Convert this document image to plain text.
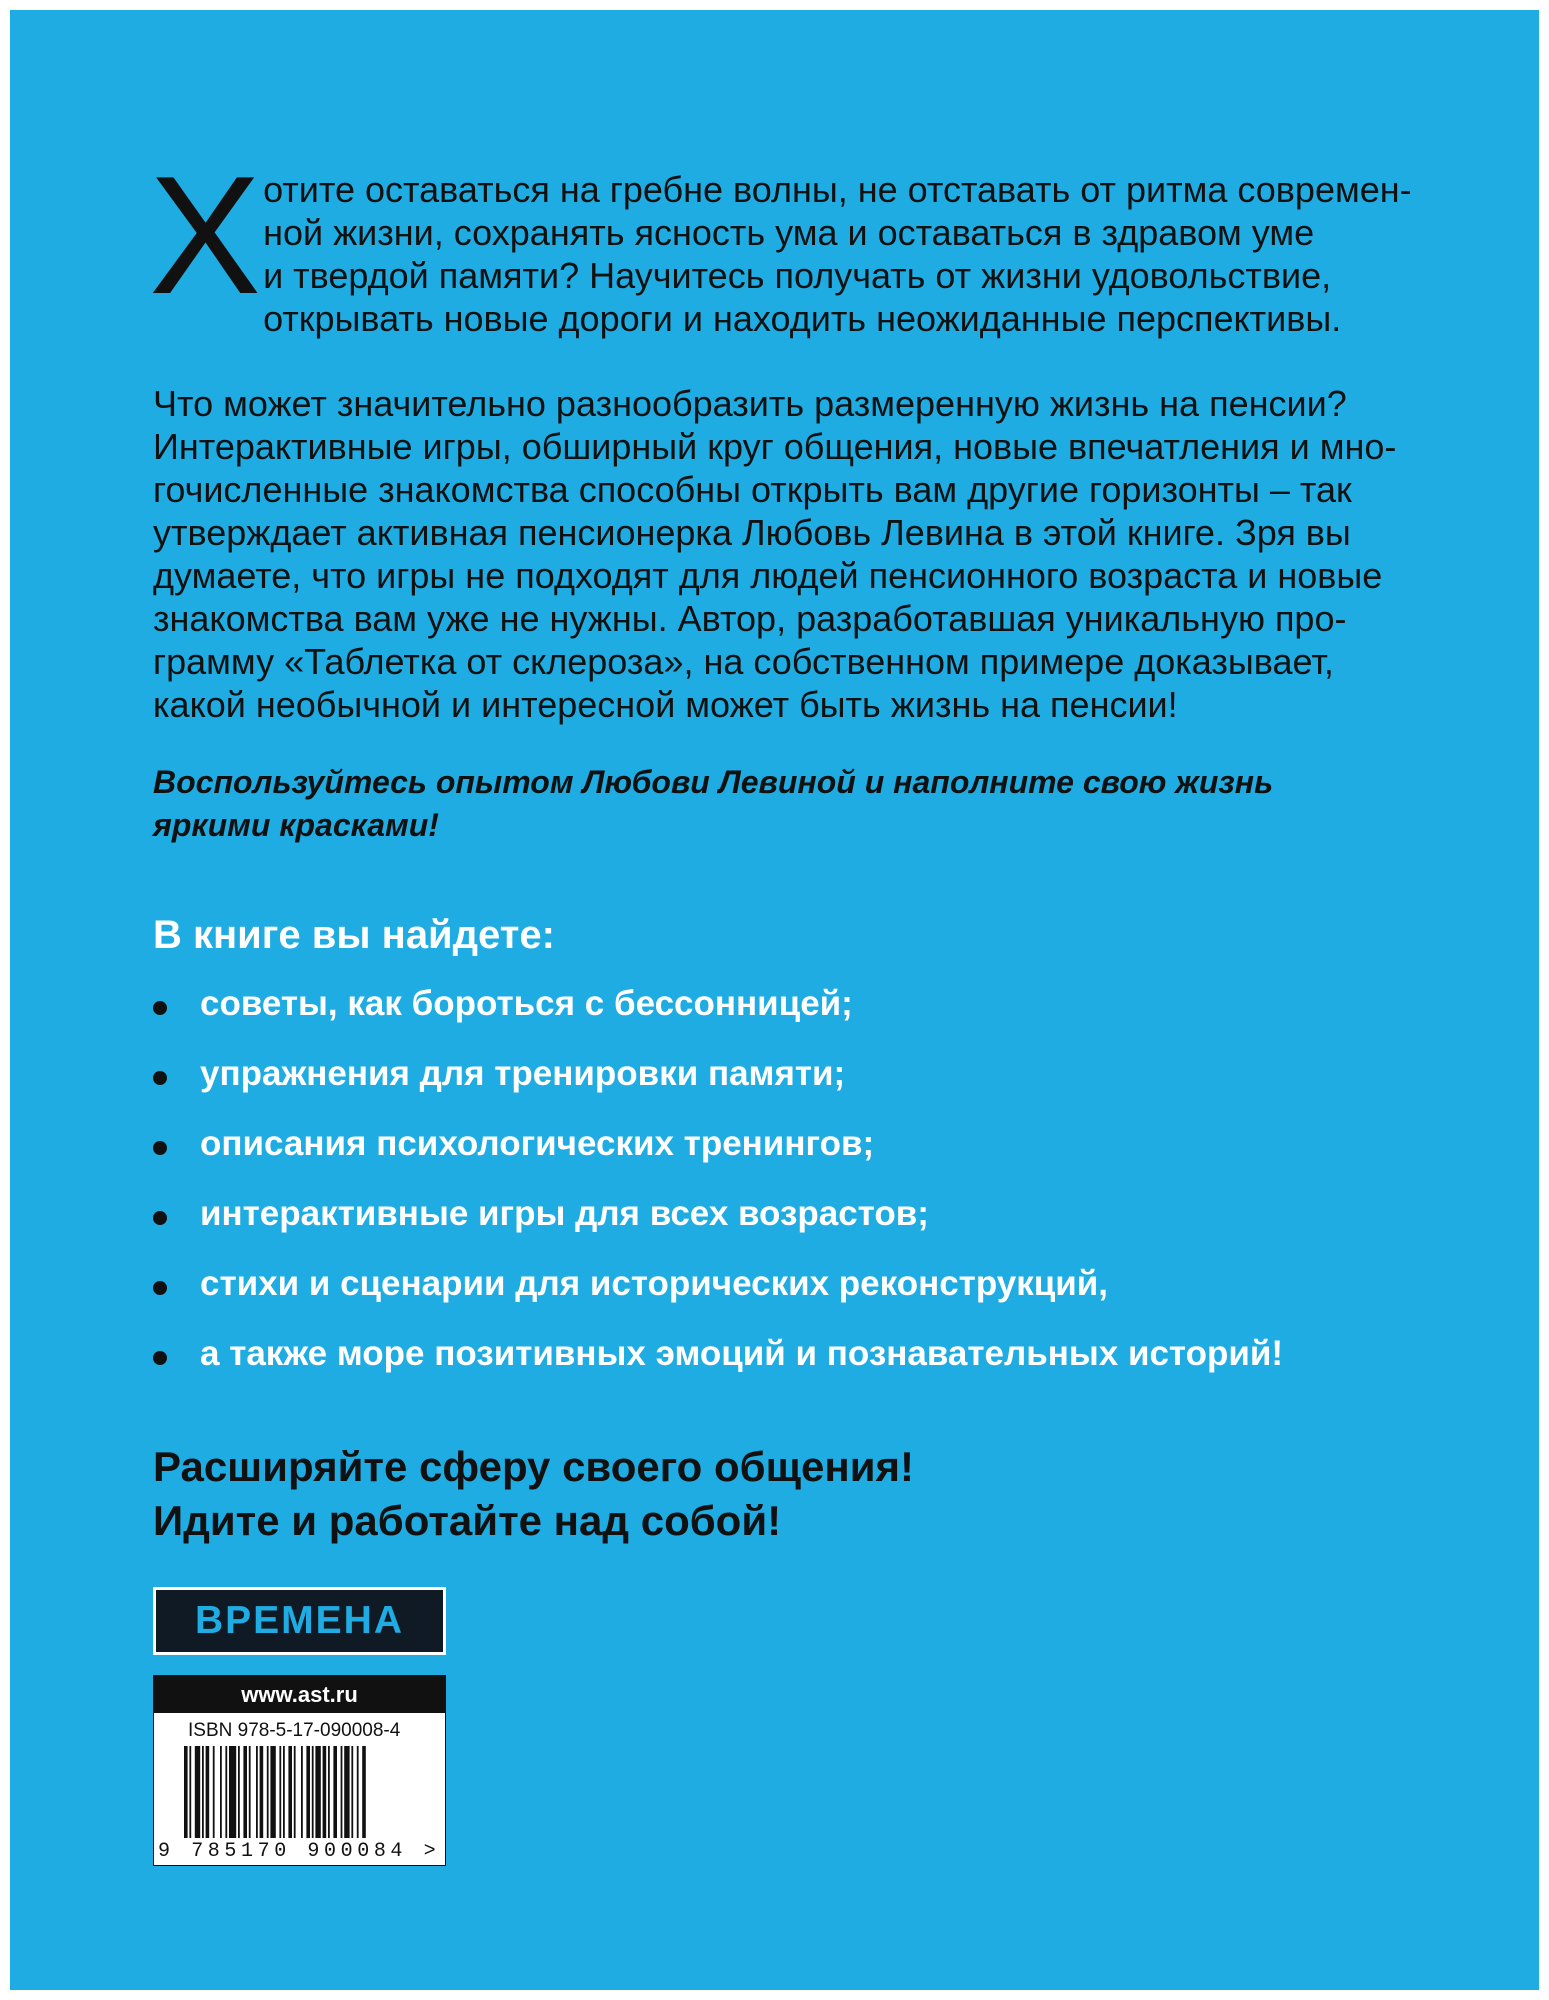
Х отите оставаться на гребне волны, не отставать от ритма современ-
ной жизни, сохранять ясность ума и оставаться в здравом уме
и твердой памяти? Научитесь получать от жизни удовольствие,
открывать новые дороги и находить неожиданные перспективы.
Что может значительно разнообразить размеренную жизнь на пенсии?
Интерактивные игры, обширный круг общения, новые впечатления и мно-
гочисленные знакомства способны открыть вам другие горизонты – так
утверждает активная пенсионерка Любовь Левина в этой книге. Зря вы
думаете, что игры не подходят для людей пенсионного возраста и новые
знакомства вам уже не нужны. Автор, разработавшая уникальную про-
грамму «Таблетка от склероза», на собственном примере доказывает,
какой необычной и интересной может быть жизнь на пенсии!
Воспользуйтесь опытом Любови Левиной и наполните свою жизнь
яркими красками!
В книге вы найдете:
советы, как бороться с бессонницей;
упражнения для тренировки памяти;
описания психологических тренингов;
интерактивные игры для всех возрастов;
стихи и сценарии для исторических реконструкций,
а также море позитивных эмоций и познавательных историй!
Расширяйте сферу своего общения!
Идите и работайте над собой!
ВРЕМЕНА
www.ast.ru
ISBN 978-5-17-090008-4
9 785170 900084 >
